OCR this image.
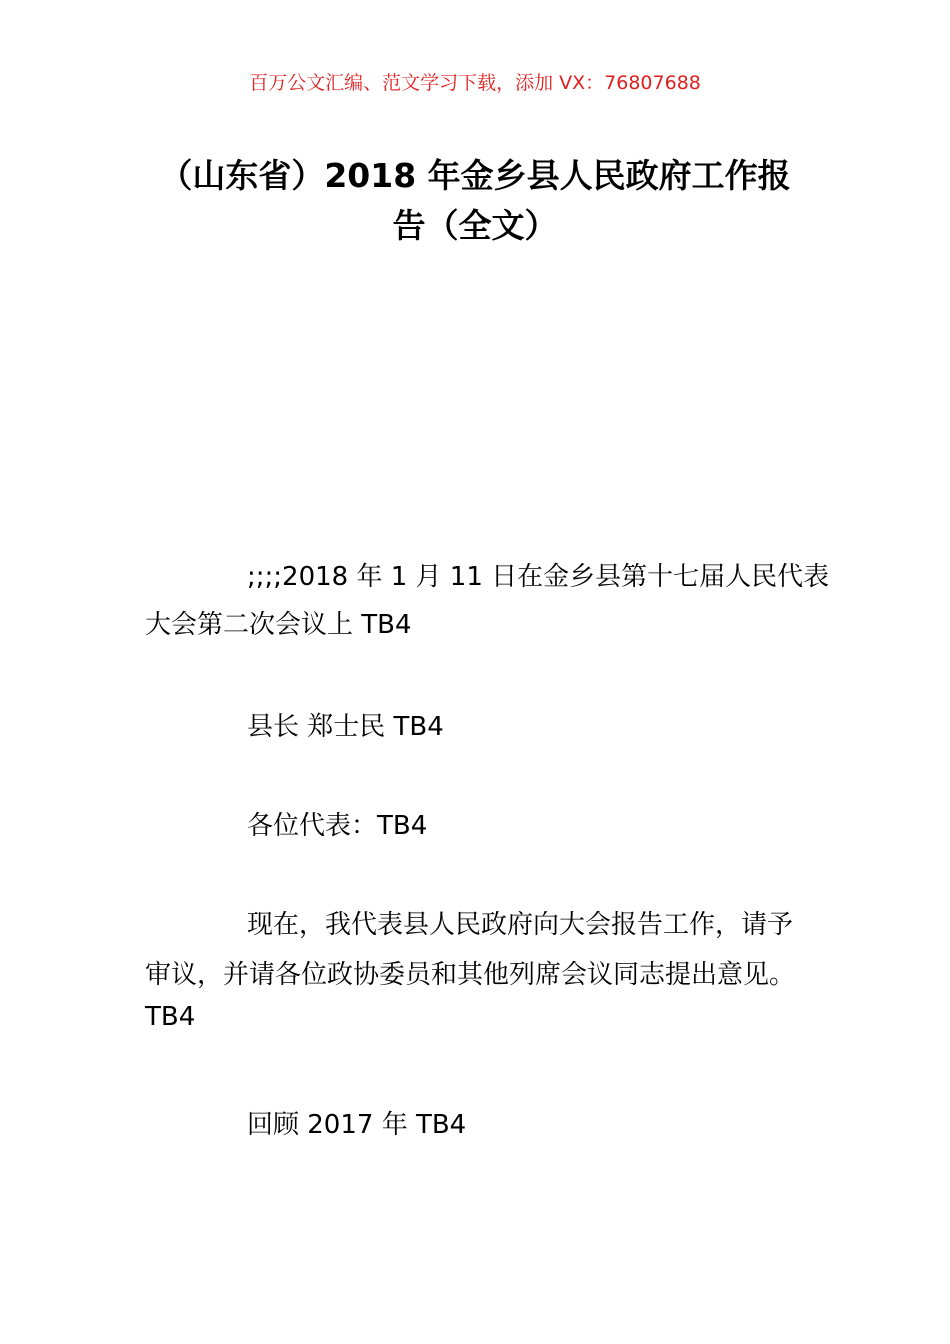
百万公文汇编、范文学习下载，添加 VX：76807688
（山东省）2018 年金乡县人民政府工作报
告（全文）
;;;;2018 年 1 月 11 日在金乡县第十七届人民代表
大会第二次会议上 TB4
县长 郑士民 TB4
各位代表：TB4
现在，我代表县人民政府向大会报告工作，请予
审议，并请各位政协委员和其他列席会议同志提出意见。
TB4
回顾 2017 年 TB4
